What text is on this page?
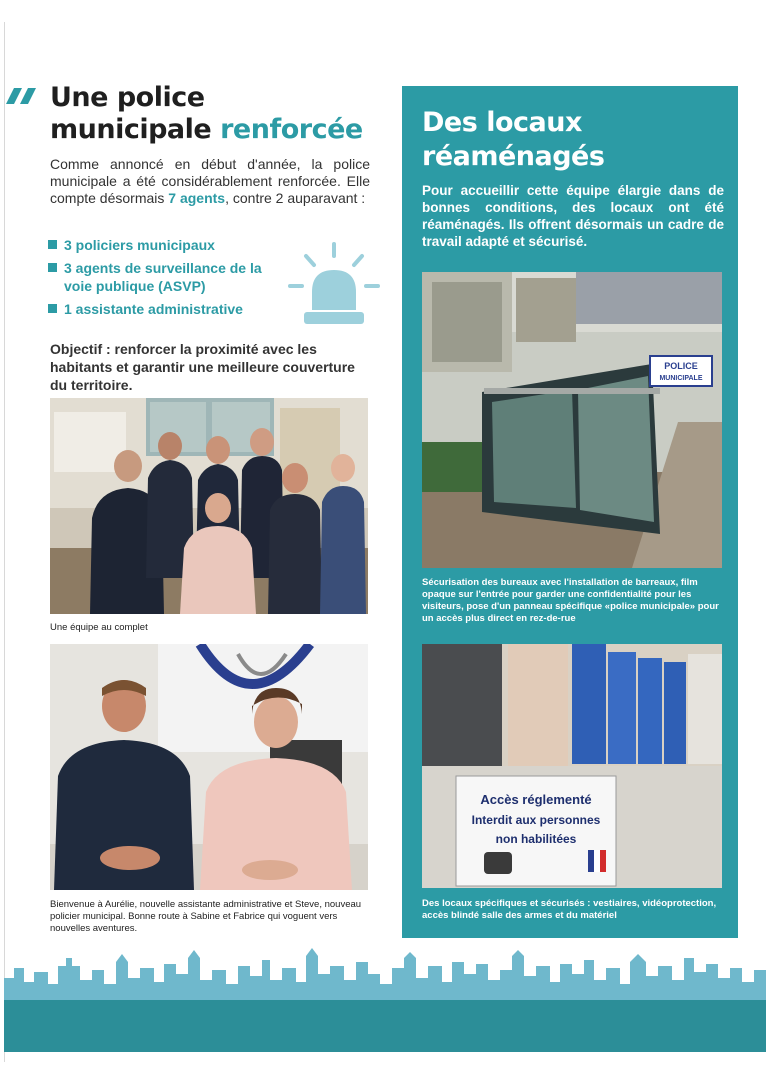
Une police
municipale renforcée

Comme annoncé en début d'année, la police municipale a été considérablement renforcée. Elle compte désormais 7 agents, contre 2 auparavant :

3 policiers municipaux
3 agents de surveillance de la voie publique (ASVP)
1 assistante administrative

Objectif : renforcer la proximité avec les habitants et garantir une meilleure couverture du territoire.

Une équipe au complet

Bienvenue à Aurélie, nouvelle assistante administrative et Steve, nouveau policier municipal. Bonne route à Sabine et Fabrice qui voguent vers nouvelles aventures.

Des locaux
réaménagés

Pour accueillir cette équipe élargie dans de bonnes conditions, des locaux ont été réaménagés. Ils offrent désormais un cadre de travail adapté et sécurisé.

POLICE
MUNICIPALE

Sécurisation des bureaux avec l'installation de barreaux, film opaque sur l'entrée pour garder une confidentialité pour les visiteurs, pose d'un panneau spécifique «police municipale» pour un accès plus direct en rez-de-rue

Accès réglementé
Interdit aux personnes
non habilitées

Des locaux spécifiques et sécurisés : vestiaires, vidéoprotection, accès blindé salle des armes et du matériel
